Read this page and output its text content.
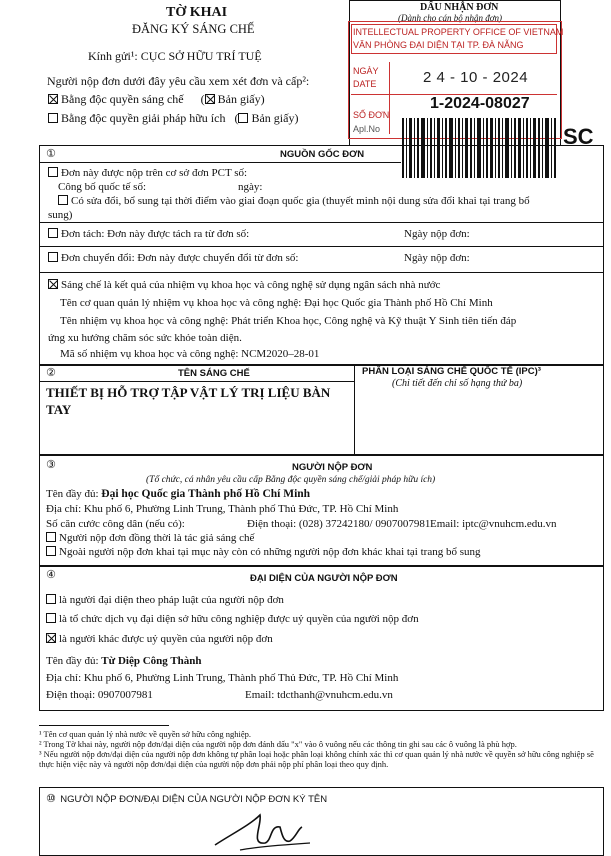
TỜ KHAI
ĐĂNG KÝ SÁNG CHẾ
Kính gửi¹: CỤC SỞ HỮU TRÍ TUỆ
Người nộp đơn dưới đây yêu cầu xem xét đơn và cấp²:
Bằng độc quyền sáng chế ( Bản giấy)
Bằng độc quyền giải pháp hữu ích ( Bản giấy)
DẤU NHẬN ĐƠN
(Dành cho cán bộ nhận đơn)
INTELLECTUAL PROPERTY OFFICE OF VIETNAM
VĂN PHÒNG ĐẠI DIỆN TẠI TP. ĐÀ NẴNG
NGÀY
DATE	2 4 - 10 - 2024
SỐ ĐƠN
Apl.No
1-2024-08027
SC
①	NGUỒN GỐC ĐƠN
Đơn này được nộp trên cơ sở đơn PCT số:
Công bố quốc tế số:	ngày:
Có sửa đổi, bổ sung tại thời điểm vào giai đoạn quốc gia (thuyết minh nội dung sửa đổi khai tại trang bổ
sung)
Đơn tách: Đơn này được tách ra từ đơn số:	Ngày nộp đơn:
Đơn chuyển đổi: Đơn này được chuyển đổi từ đơn số:	Ngày nộp đơn:
Sáng chế là kết quả của nhiệm vụ khoa học và công nghệ sử dụng ngân sách nhà nước
Tên cơ quan quản lý nhiệm vụ khoa học và công nghệ: Đại học Quốc gia Thành phố Hồ Chí Minh
Tên nhiệm vụ khoa học và công nghệ: Phát triển Khoa học, Công nghệ và Kỹ thuật Y Sinh tiên tiến đáp
ứng xu hướng chăm sóc sức khỏe toàn diện.
Mã số nhiệm vụ khoa học và công nghệ: NCM2020–28-01
②	TÊN SÁNG CHẾ
THIẾT BỊ HỖ TRỢ TẬP VẬT LÝ TRỊ LIỆU BÀN
TAY
PHÂN LOẠI SÁNG CHẾ QUỐC TẾ (IPC)³
(Chi tiết đến chỉ số hạng thứ ba)
③	NGƯỜI NỘP ĐƠN
(Tổ chức, cá nhân yêu cầu cấp Bằng độc quyền sáng chế/giải pháp hữu ích)
Tên đầy đủ: Đại học Quốc gia Thành phố Hồ Chí Minh
Địa chỉ: Khu phố 6, Phường Linh Trung, Thành phố Thủ Đức, TP. Hồ Chí Minh
Số căn cước công dân (nếu có):	Điện thoại: (028) 37242180/ 0907007981 Email: iptc@vnuhcm.edu.vn
Người nộp đơn đồng thời là tác giả sáng chế
Ngoài người nộp đơn khai tại mục này còn có những người nộp đơn khác khai tại trang bổ sung
④	ĐẠI DIỆN CỦA NGƯỜI NỘP ĐƠN
là người đại diện theo pháp luật của người nộp đơn
là tổ chức dịch vụ đại diện sở hữu công nghiệp được uỷ quyền của người nộp đơn
là người khác được uỷ quyền của người nộp đơn
Tên đầy đủ: Từ Diệp Công Thành
Địa chỉ: Khu phố 6, Phường Linh Trung, Thành phố Thủ Đức, TP. Hồ Chí Minh
Điện thoại: 0907007981	Email: tdcthanh@vnuhcm.edu.vn
¹ Tên cơ quan quản lý nhà nước về quyền sở hữu công nghiệp.
² Trong Tờ khai này, người nộp đơn/đại diện của người nộp đơn đánh dấu "x" vào ô vuông nếu các thông tin ghi sau các ô vuông là phù hợp.
³ Nếu người nộp đơn/đại diện của người nộp đơn không tự phân loại hoặc phân loại không chính xác thì cơ quan quản lý nhà nước về quyền sở hữu công nghiệp sẽ thực hiện việc này và người nộp đơn/đại diện của người nộp đơn phải nộp phí phân loại theo quy định.
⑩ NGƯỜI NỘP ĐƠN/ĐẠI DIỆN CỦA NGƯỜI NỘP ĐƠN KÝ TÊN
